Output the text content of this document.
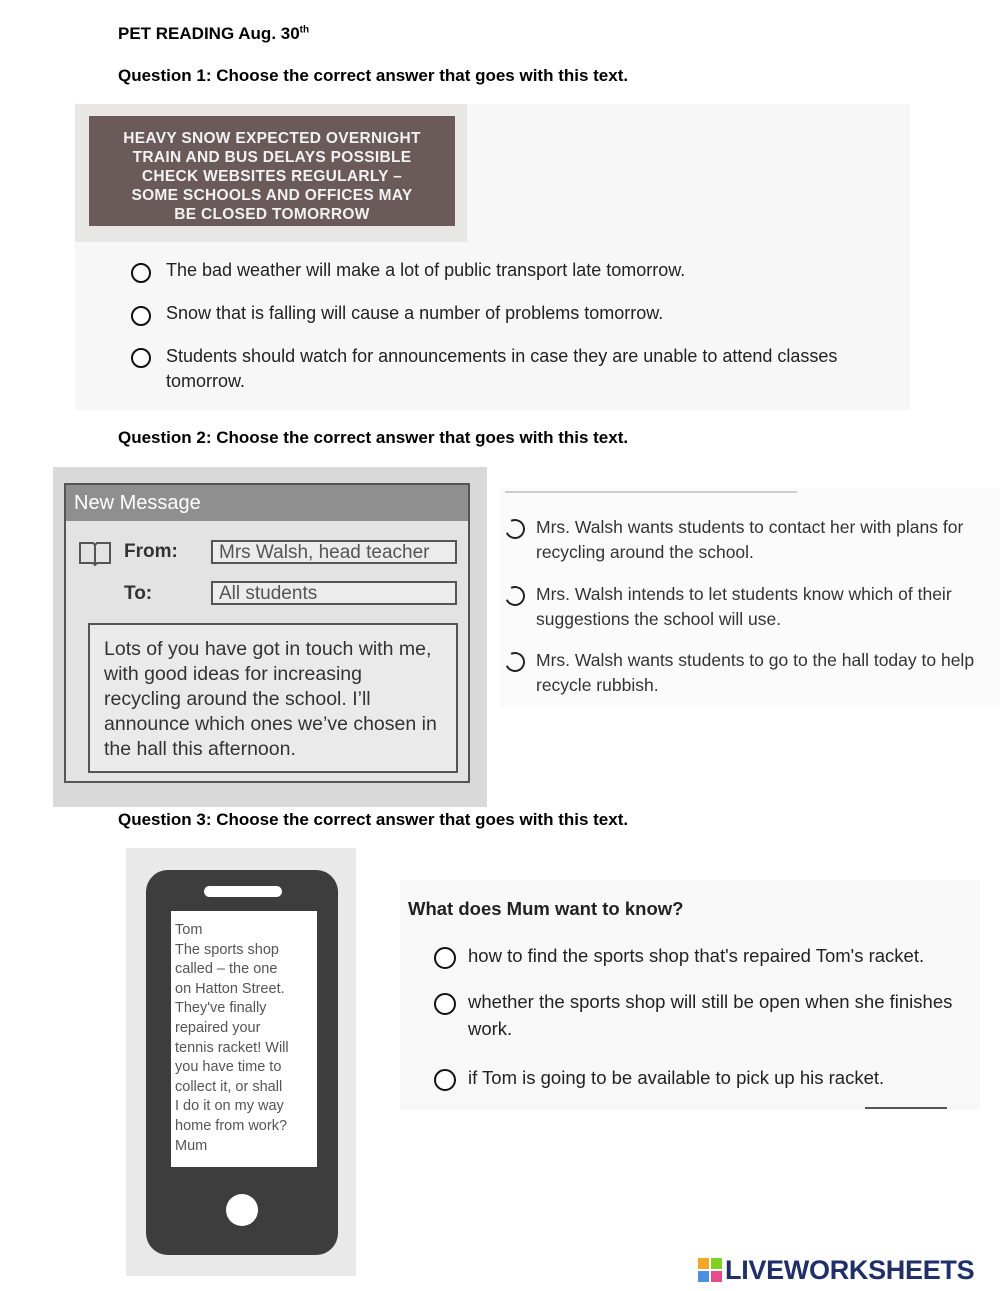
PET READING Aug. 30th
Question 1: Choose the correct answer that goes with this text.
HEAVY SNOW EXPECTED OVERNIGHT
TRAIN AND BUS DELAYS POSSIBLE
CHECK WEBSITES REGULARLY –
SOME SCHOOLS AND OFFICES MAY
BE CLOSED TOMORROW
The bad weather will make a lot of public transport late tomorrow.
Snow that is falling will cause a number of problems tomorrow.
Students should watch for announcements in case they are unable to attend classes tomorrow.
Question 2: Choose the correct answer that goes with this text.
New Message
From:	Mrs Walsh, head teacher
To:	All students
Lots of you have got in touch with me, with good ideas for increasing recycling around the school. I’ll announce which ones we’ve chosen in the hall this afternoon.
Mrs. Walsh wants students to contact her with plans for recycling around the school.
Mrs. Walsh intends to let students know which of their suggestions the school will use.
Mrs. Walsh wants students to go to the hall today to help recycle rubbish.
Question 3: Choose the correct answer that goes with this text.
Tom
The sports shop
called – the one
on Hatton Street.
They've finally
repaired your
tennis racket! Will
you have time to
collect it, or shall
I do it on my way
home from work?
Mum
What does Mum want to know?
how to find the sports shop that's repaired Tom's racket.
whether the sports shop will still be open when she finishes work.
if Tom is going to be available to pick up his racket.
LIVEWORKSHEETS
